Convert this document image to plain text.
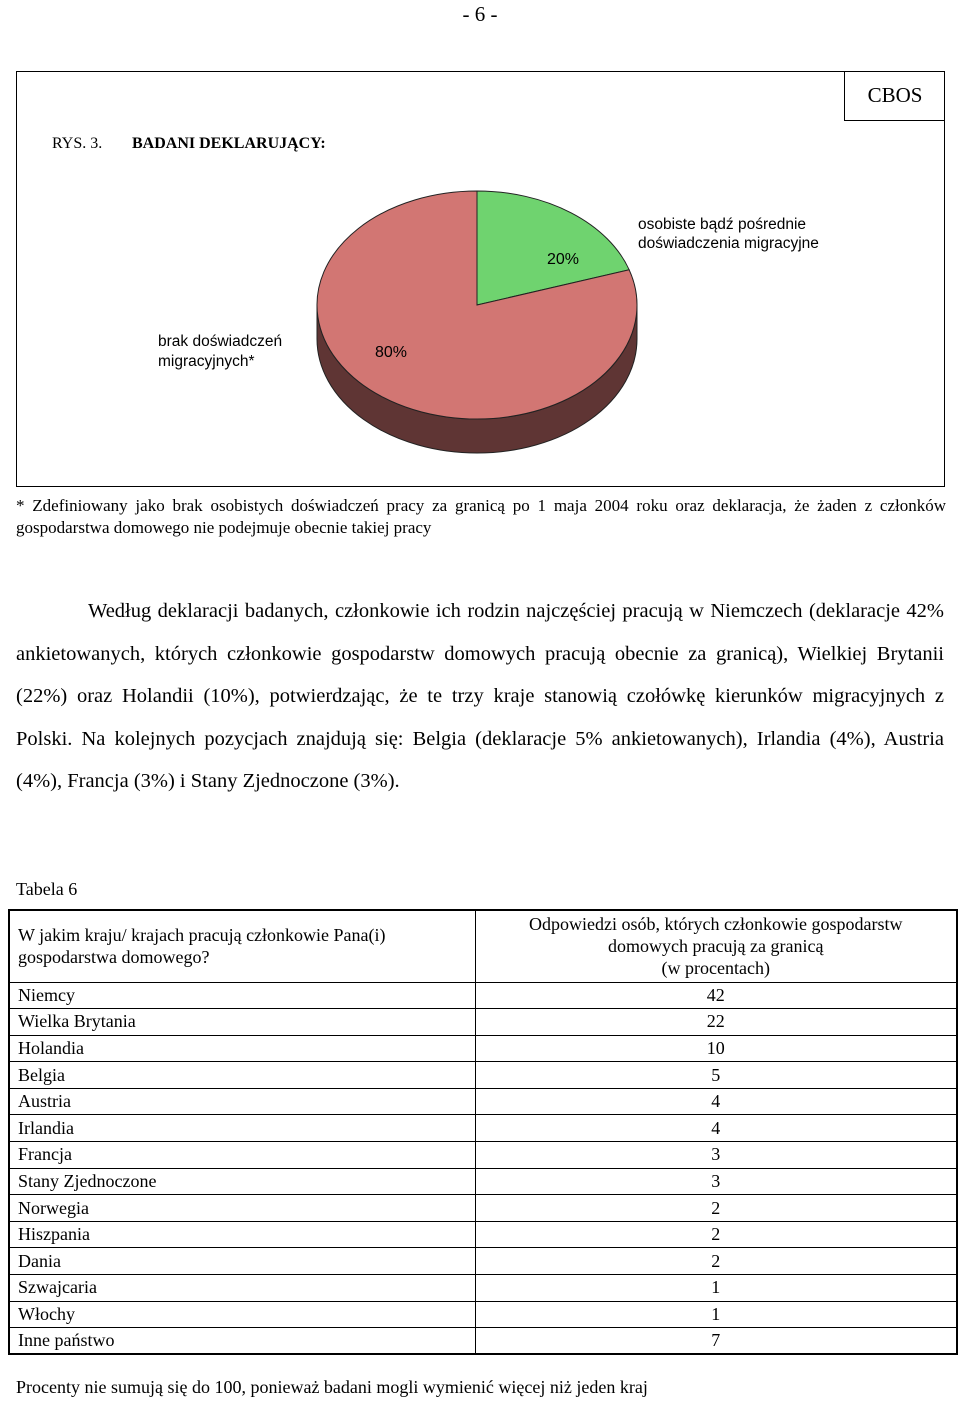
- 6 -
CBOS
RYS. 3. BADANI DEKLARUJĄCY:
20%
80%
osobiste bądź pośrednie
doświadczenia migracyjne
brak doświadczeń
migracyjnych*
* Zdefiniowany jako brak osobistych doświadczeń pracy za granicą po 1 maja 2004 roku oraz deklaracja, że żaden z członków gospodarstwa domowego nie podejmuje obecnie takiej pracy
Według deklaracji badanych, członkowie ich rodzin najczęściej pracują w Niemczech (deklaracje 42% ankietowanych, których członkowie gospodarstw domowych pracują obecnie za granicą), Wielkiej Brytanii (22%) oraz Holandii (10%), potwierdzając, że te trzy kraje stanowią czołówkę kierunków migracyjnych z Polski. Na kolejnych pozycjach znajdują się: Belgia (deklaracje 5% ankietowanych), Irlandia (4%), Austria (4%), Francja (3%) i Stany Zjednoczone (3%).
Tabela 6
W jakim kraju/ krajach pracują członkowie Pana(i) gospodarstwa domowego?	Odpowiedzi osób, których członkowie gospodarstw
domowych pracują za granicą
(w procentach)
Niemcy	42
Wielka Brytania	22
Holandia	10
Belgia	5
Austria	4
Irlandia	4
Francja	3
Stany Zjednoczone	3
Norwegia	2
Hiszpania	2
Dania	2
Szwajcaria	1
Włochy	1
Inne państwo	7
Procenty nie sumują się do 100, ponieważ badani mogli wymienić więcej niż jeden kraj
